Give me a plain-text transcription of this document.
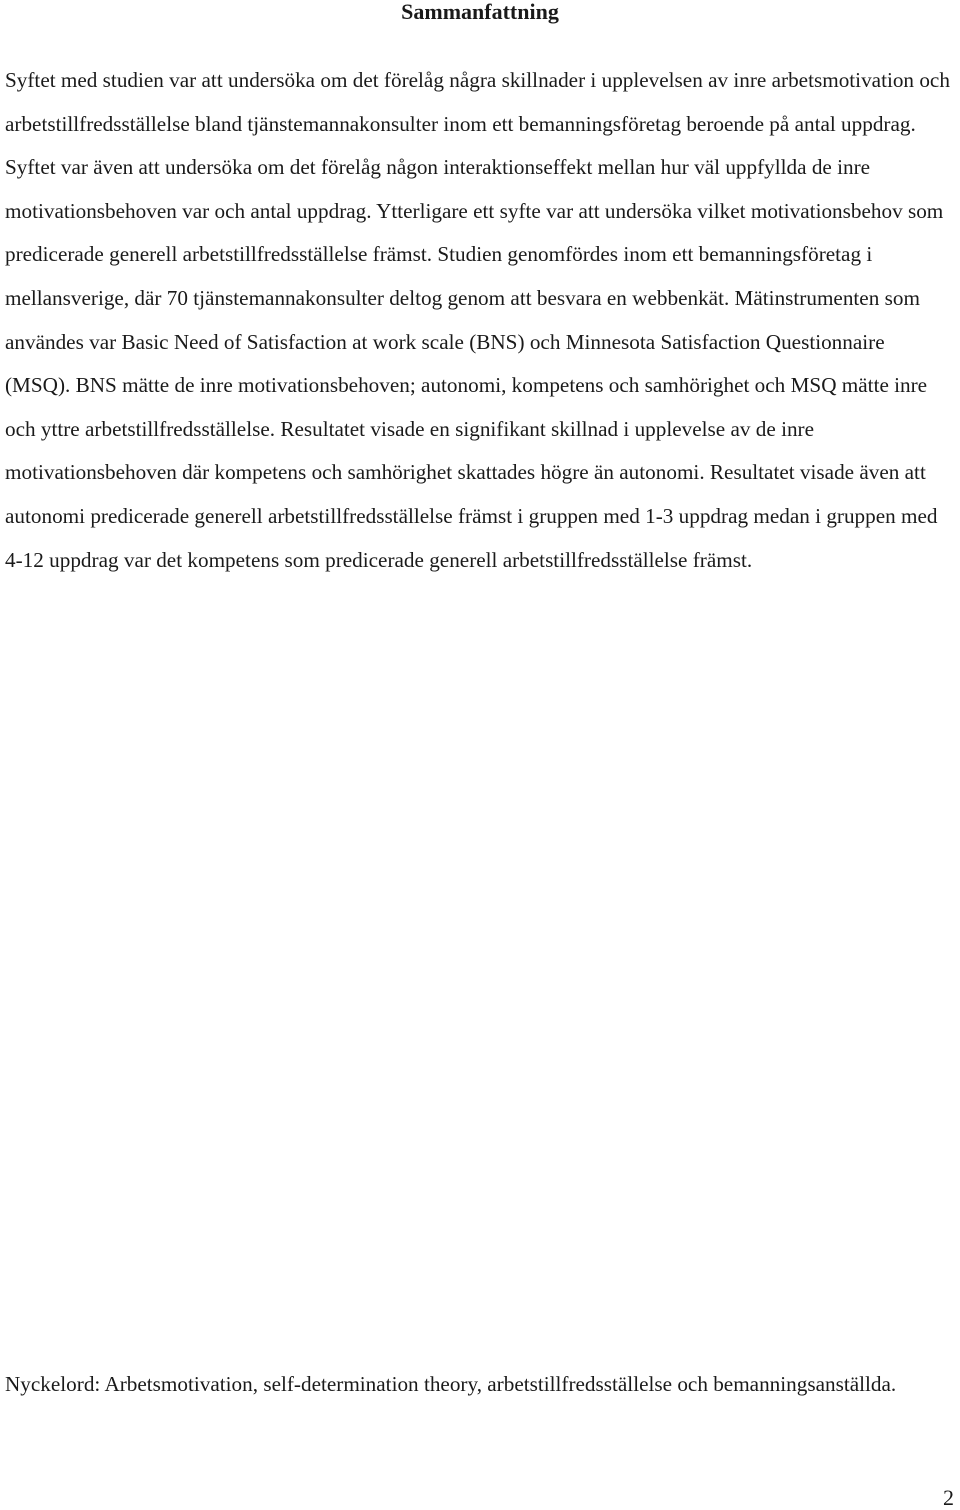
Sammanfattning

Syftet med studien var att undersöka om det förelåg några skillnader i upplevelsen av inre arbetsmotivation och arbetstillfredsställelse bland tjänstemannakonsulter inom ett bemanningsföretag beroende på antal uppdrag. Syftet var även att undersöka om det förelåg någon interaktionseffekt mellan hur väl uppfyllda de inre motivationsbehoven var och antal uppdrag. Ytterligare ett syfte var att undersöka vilket motivationsbehov som predicerade generell arbetstillfredsställelse främst. Studien genomfördes inom ett bemanningsföretag i mellansverige, där 70 tjänstemannakonsulter deltog genom att besvara en webbenkät. Mätinstrumenten som användes var Basic Need of Satisfaction at work scale (BNS) och Minnesota Satisfaction Questionnaire (MSQ). BNS mätte de inre motivationsbehoven; autonomi, kompetens och samhörighet och MSQ mätte inre och yttre arbetstillfredsställelse. Resultatet visade en signifikant skillnad i upplevelse av de inre motivationsbehoven där kompetens och samhörighet skattades högre än autonomi. Resultatet visade även att autonomi predicerade generell arbetstillfredsställelse främst i gruppen med 1-3 uppdrag medan i gruppen med 4-12 uppdrag var det kompetens som predicerade generell arbetstillfredsställelse främst.

Nyckelord: Arbetsmotivation, self-determination theory, arbetstillfredsställelse och bemanningsanställda.

2
